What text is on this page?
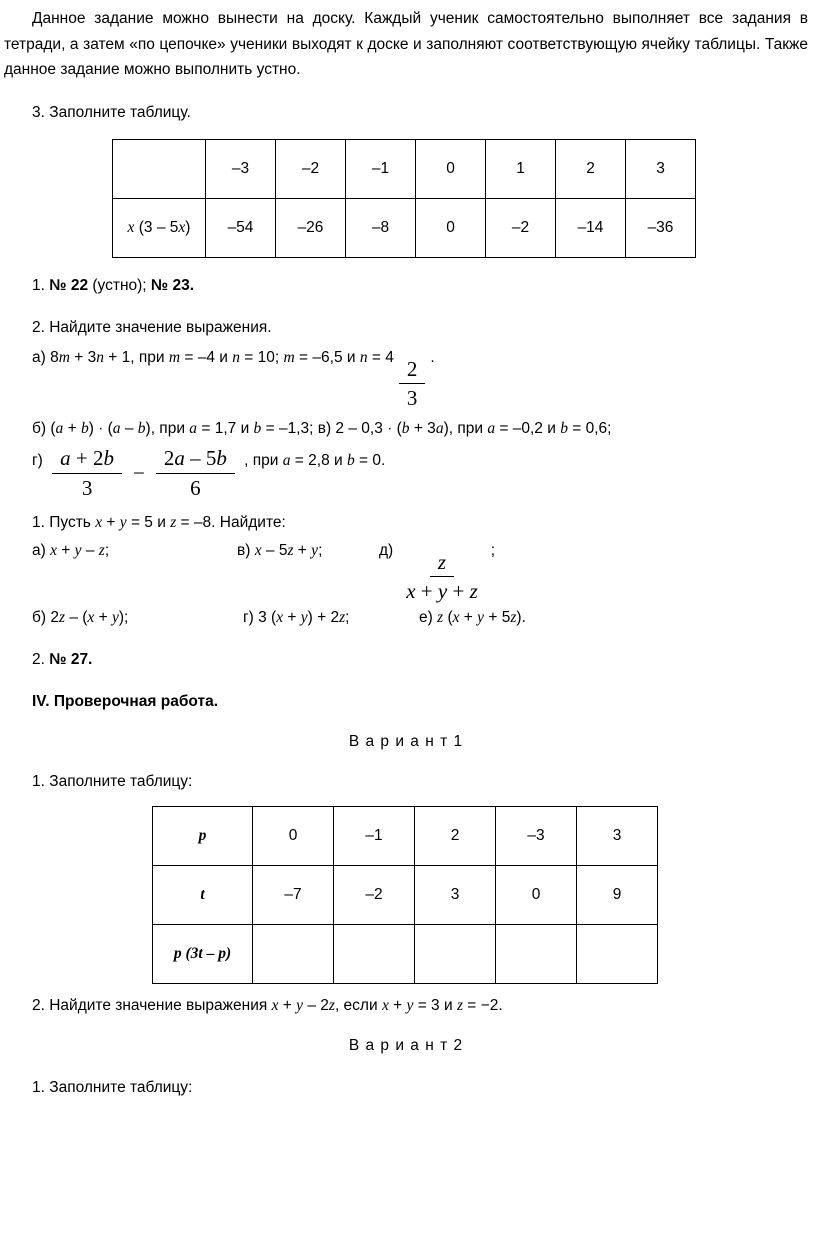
Данное задание можно вынести на доску. Каждый ученик самостоятельно выполняет все задания в тетради, а затем «по цепочке» ученики выходят к доске и заполняют соответствующую ячейку таблицы. Также данное задание можно выполнить устно.

3. Заполните таблицу.
	–3	–2	–1	0	1	2	3
x (3 – 5x)	–54	–26	–8	0	–2	–14	–36
1. № 22 (устно); № 23.
2. Найдите значение выражения.
а) 8m + 3п + 1, при m = –4 и п = 10; m = –6,5 и $n = 4 \frac{2}{3}$ .
б) (a + b) · (a – b), при a = 1,7 и b = –1,3; в) 2 – 0,3 · (b + 3a), при a = –0,2 и b = 0,6;
$г) \frac{a + 2b}{3} - \frac{2a - 5b}{6}$ , при a = 2,8 и b = 0.
1. Пусть x + y = 5 и z = –8. Найдите:
а) x + y – z;	в) x – 5z + y;	$д) \frac{z}{x + y + z}$ ;
б) 2z – (x + y);	г) 3 (x + y) + 2z;	е) z (x + y + 5z).
2. № 27.
IV. Проверочная работа.
В а р и а н т 1
1. Заполните таблицу:
p	0	–1	2	–3	3
t	–7	–2	3	0	9
p (3t – p)					
2. Найдите значение выражения x + y – 2z, если x + y = 3 и z = −2.
В а р и а н т 2
1. Заполните таблицу:
